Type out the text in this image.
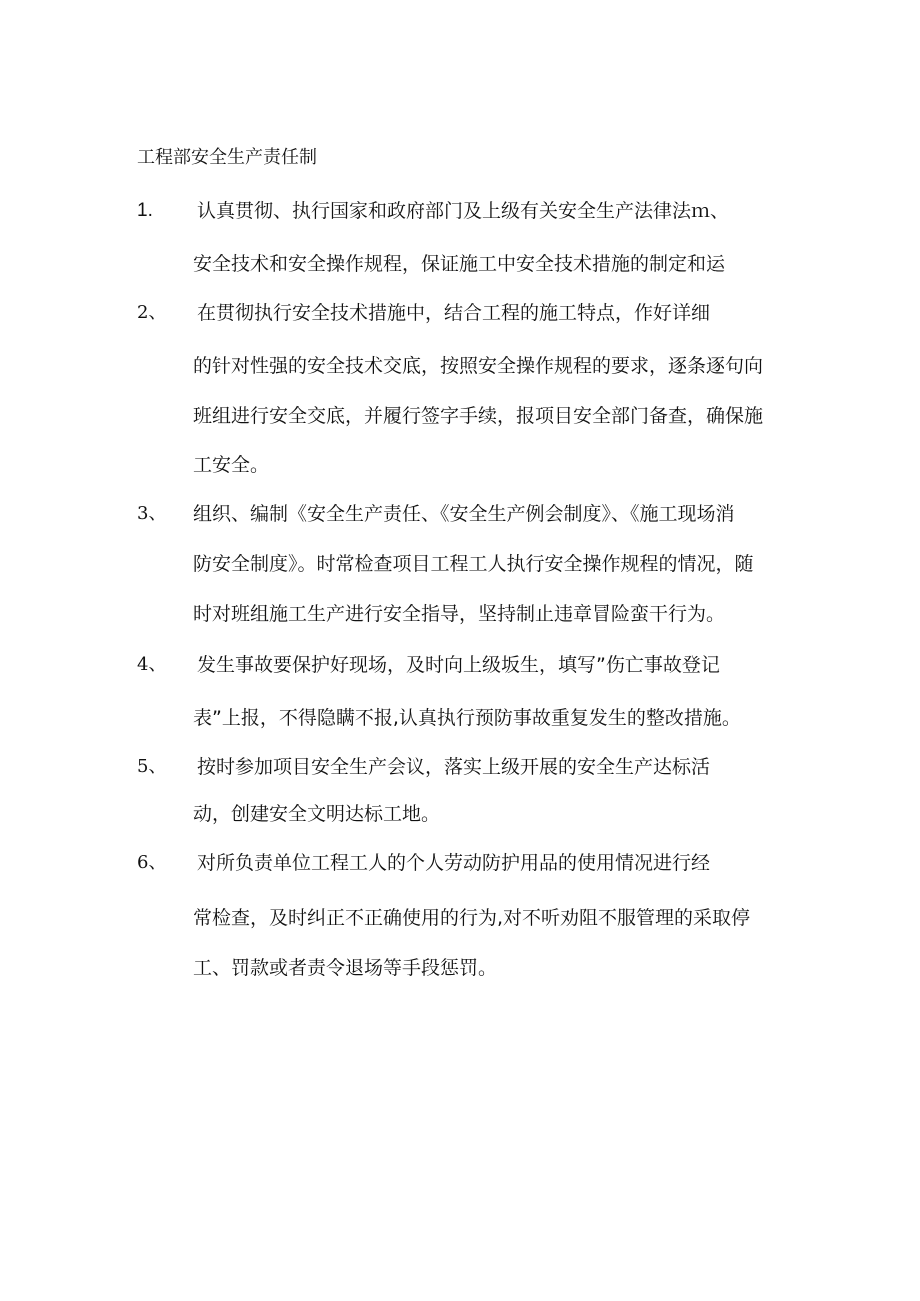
工程部安全生产责任制
1. 认真贯彻、执行国家和政府部门及上级有关安全生产法律法ｍ、
安全技术和安全操作规程，保证施工中安全技术措施的制定和运
2、 在贯彻执行安全技术措施中，结合工程的施工特点，作好详细
的针对性强的安全技术交底，按照安全操作规程的要求，逐条逐句向
班组进行安全交底，并履行签字手续，报项目安全部门备查，确保施
工安全。
3、 组织、编制《安全生产责任、《安全生产例会制度》、《施工现场消
防安全制度》。时常检查项目工程工人执行安全操作规程的情况，随
时对班组施工生产进行安全指导，坚持制止违章冒险蛮干行为。
4、 发生事故要保护好现场，及时向上级坂生，填写”伤亡事故登记
表”上报，不得隐瞒不报,认真执行预防事故重复发生的整改措施。
5、 按时参加项目安全生产会议，落实上级开展的安全生产达标活
动，创建安全文明达标工地。
6、 对所负责单位工程工人的个人劳动防护用品的使用情况进行经
常检查，及时纠正不正确使用的行为,对不听劝阻不服管理的采取停
工、罚款或者责令退场等手段惩罚。
